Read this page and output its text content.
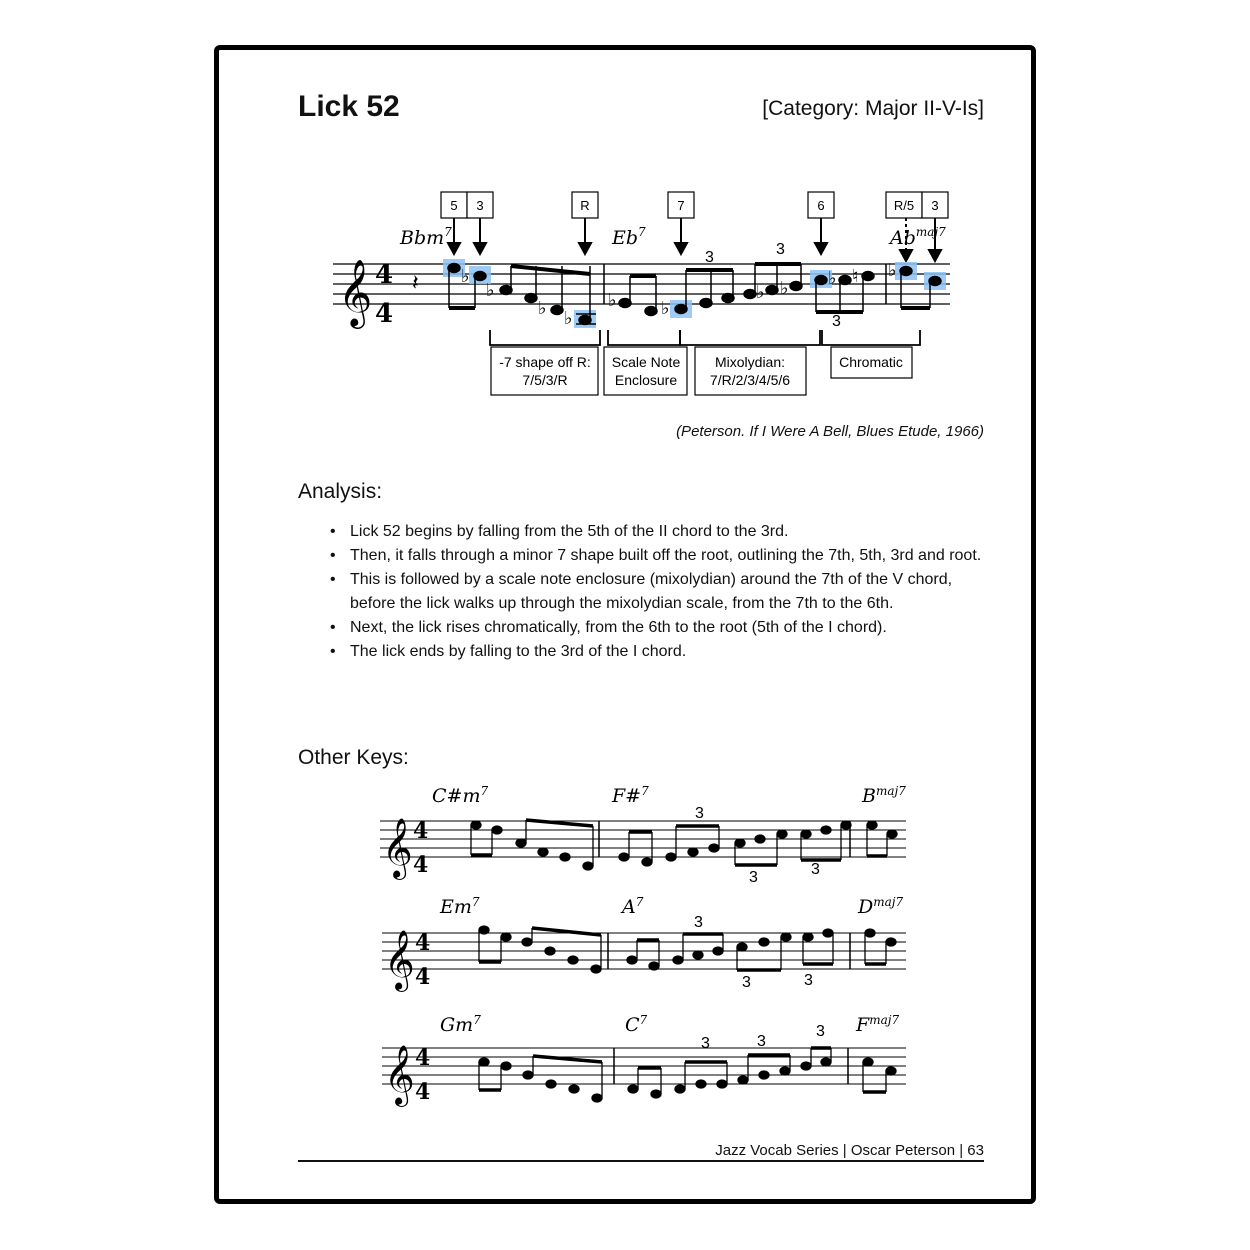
Lick 52	[Category: Major II-V-Is]
𝄞 4
4
𝄽
Bbm$^7$	Eb$^7$	$Ab^{maj7}$
5 3	R	7	6	R/5 3
♭
♭
♭ ♭
♭ ♭
♭ ♭ ♭ ♮ ♭
3	3
3
-7 shape off R:
7/5/3/R
Scale Note
Enclosure
Mixolydian:
7/R/2/3/4/5/6
Chromatic
(Peterson. If I Were A Bell, Blues Etude, 1966)
Analysis:
• Lick 52 begins by falling from the 5th of the II chord to the 3rd.
• Then, it falls through a minor 7 shape built off the root, outlining the 7th, 5th, 3rd and root.
• This is followed by a scale note enclosure (mixolydian) around the 7th of the V chord, before the lick walks up through the mixolydian scale, from the 7th to the 6th.
• Next, the lick rises chromatically, from the 6th to the root (5th of the I chord).
• The lick ends by falling to the 3rd of the I chord.
Other Keys:
𝄞 4
4
$C\#m^7$	F#$^7$	$B^{maj7}$
3
3	3
𝄞 4
4
Em$^7$	$A^7$	$D^{maj7}$
3
3	3
𝄞 4
4
Gm$^7$	$C^7$	$F^{maj7}$
3	3
3
Jazz Vocab Series | Oscar Peterson | 63
